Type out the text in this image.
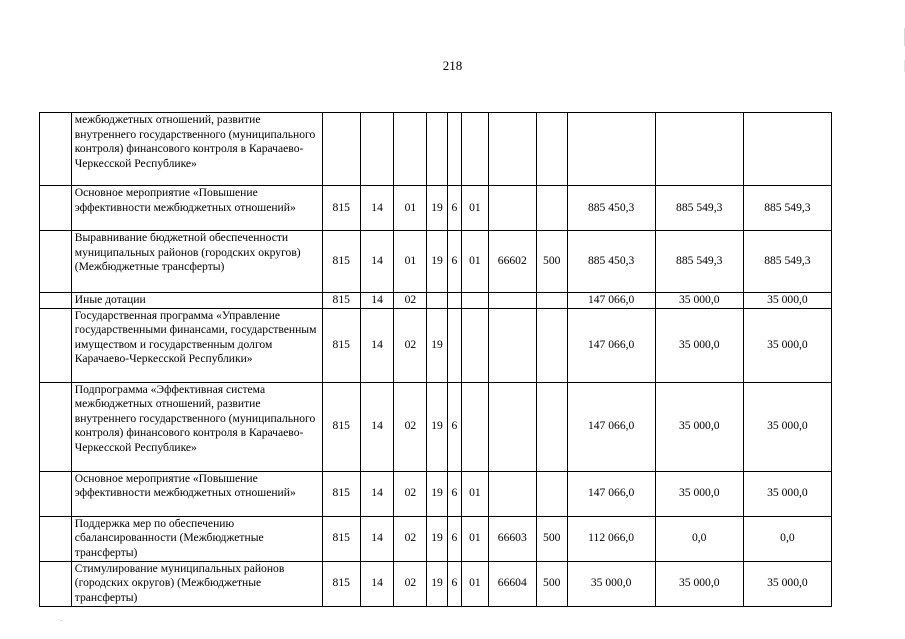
218
·
	межбюджетных отношений, развитие внутреннего государственного (муниципального контроля) финансового контроля в Карачаево-Черкесской Республике»											
	Основное мероприятие «Повышение эффективности межбюджетных отношений»	815	14	01	19	6	01			885 450,3	885 549,3	885 549,3
	Выравнивание бюджетной обеспеченности муниципальных районов (городских округов) (Межбюджетные трансферты)	815	14	01	19	6	01	66602	500	885 450,3	885 549,3	885 549,3
	Иные дотации	815	14	02						147 066,0	35 000,0	35 000,0
	Государственная программа «Управление государственными финансами, государственным имуществом и государственным долгом Карачаево-Черкесской Республики»	815	14	02	19					147 066,0	35 000,0	35 000,0
	Подпрограмма «Эффективная система межбюджетных отношений, развитие внутреннего государственного (муниципального контроля) финансового контроля в Карачаево-Черкесской Республике»	815	14	02	19	6				147 066,0	35 000,0	35 000,0
	Основное мероприятие «Повышение эффективности межбюджетных отношений»	815	14	02	19	6	01			147 066,0	35 000,0	35 000,0
	Поддержка мер по обеспечению сбалансированности (Межбюджетные трансферты)	815	14	02	19	6	01	66603	500	112 066,0	0,0	0,0
	Стимулирование муниципальных районов (городских округов) (Межбюджетные трансферты)	815	14	02	19	6	01	66604	500	35 000,0	35 000,0	35 000,0
